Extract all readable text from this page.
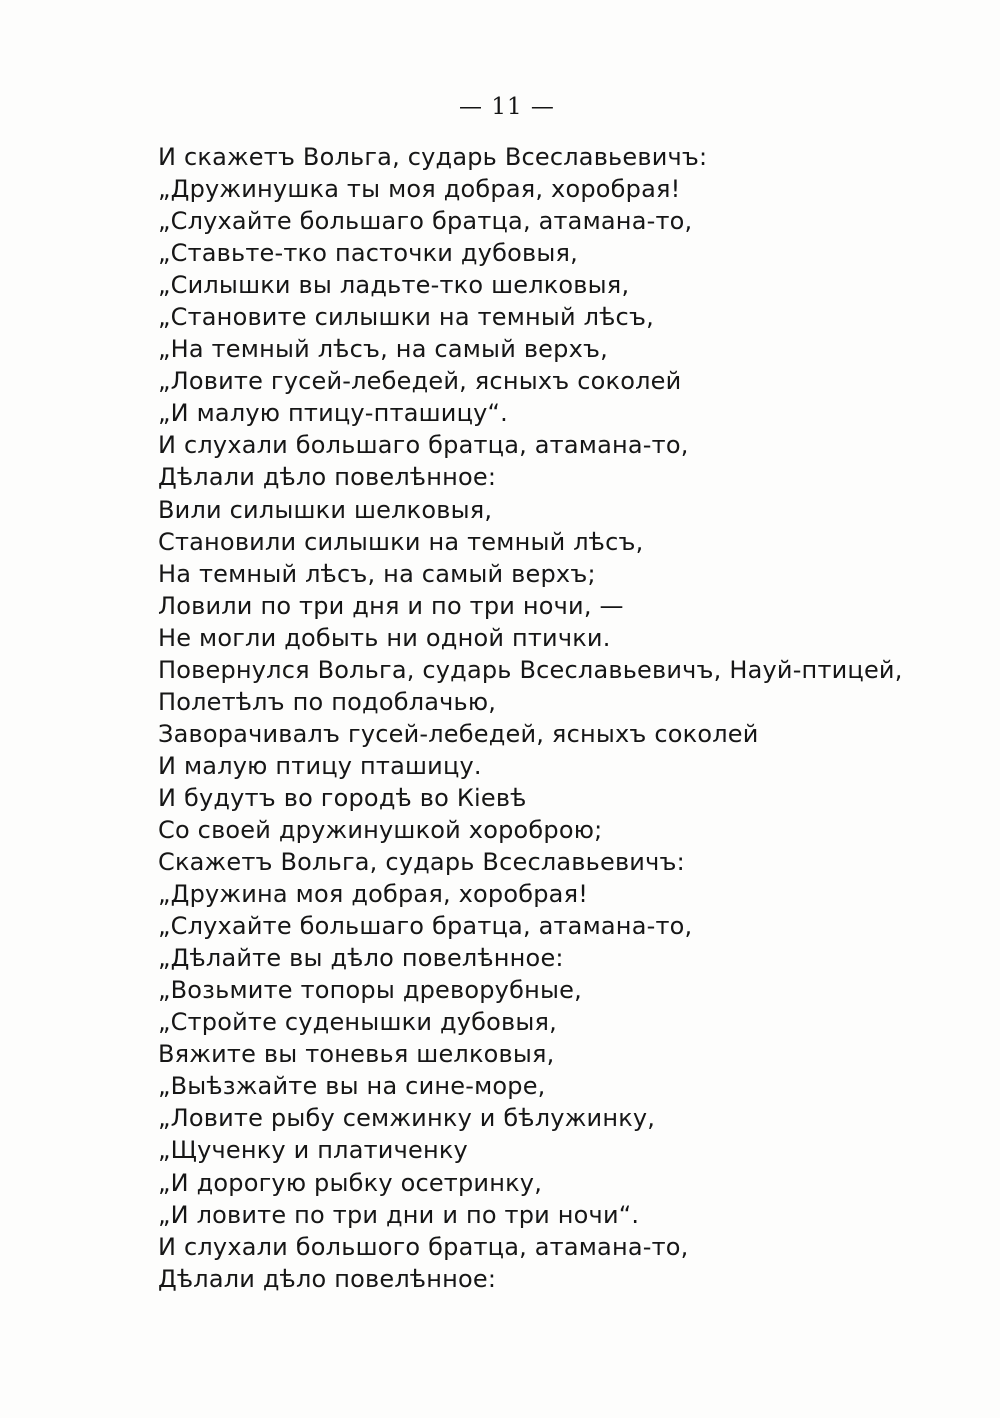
— 11 —
И скажетъ Вольга, сударь Всеславьевичъ:
„Дружинушка ты моя добрая, хоробрая!
„Слухайте большаго братца, атамана-то,
„Ставьте-тко пасточки дубовыя,
„Силышки вы ладьте-тко шелковыя,
„Становите силышки на темный лѣсъ,
„На темный лѣсъ, на самый верхъ,
„Ловите гусей-лебедей, ясныхъ соколей
„И малую птицу-пташицу“.
И слухали большаго братца, атамана-то,
Дѣлали дѣло повелѣнное:
Вили силышки шелковыя,
Становили силышки на темный лѣсъ,
На темный лѣсъ, на самый верхъ;
Ловили по три дня и по три ночи, —
Не могли добыть ни одной птички.
Повернулся Вольга, сударь Всеславьевичъ, Науй-птицей,
Полетѣлъ по подоблачью,
Заворачивалъ гусей-лебедей, ясныхъ соколей
И малую птицу пташицу.
И будутъ во городѣ во Кіевѣ
Со своей дружинушкой хороброю;
Скажетъ Вольга, сударь Всеславьевичъ:
„Дружина моя добрая, хоробрая!
„Слухайте большаго братца, атамана-то,
„Дѣлайте вы дѣло повелѣнное:
„Возьмите топоры древорубные,
„Стройте суденышки дубовыя,
Вяжите вы тоневья шелковыя,
„Выѣзжайте вы на сине-море,
„Ловите рыбу семжинку и бѣлужинку,
„Щученку и платиченку
„И дорогую рыбку осетринку,
„И ловите по три дни и по три ночи“.
И слухали большого братца, атамана-то,
Дѣлали дѣло повелѣнное:
